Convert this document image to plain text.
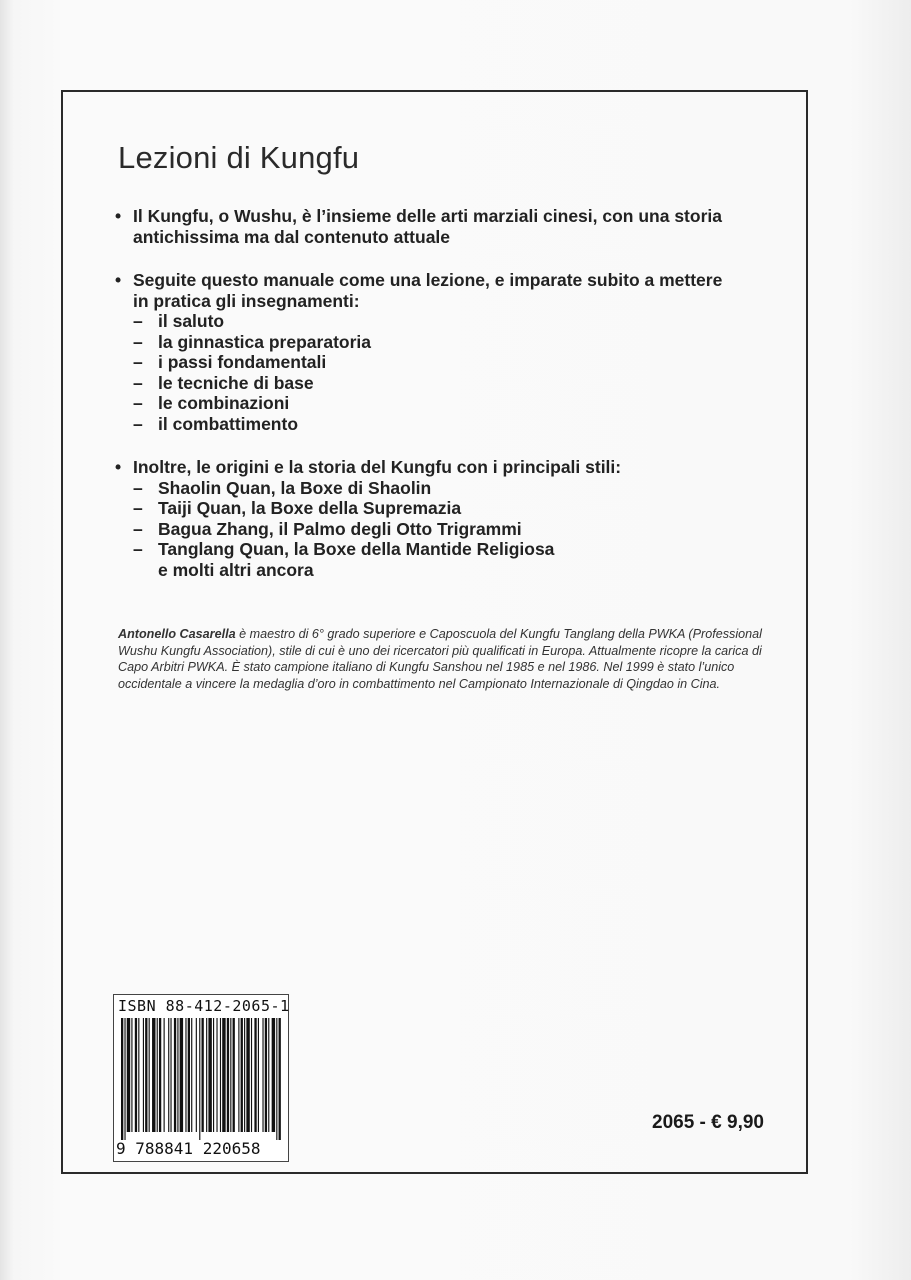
Lezioni di Kungfu
• Il Kungfu, o Wushu, è l’insieme delle arti marziali cinesi, con una storia
antichissima ma dal contenuto attuale
• Seguite questo manuale come una lezione, e imparate subito a mettere
in pratica gli insegnamenti:
– il saluto
– la ginnastica preparatoria
– i passi fondamentali
– le tecniche di base
– le combinazioni
– il combattimento
• Inoltre, le origini e la storia del Kungfu con i principali stili:
– Shaolin Quan, la Boxe di Shaolin
– Taiji Quan, la Boxe della Supremazia
– Bagua Zhang, il Palmo degli Otto Trigrammi
– Tanglang Quan, la Boxe della Mantide Religiosa
e molti altri ancora

Antonello Casarella è maestro di 6° grado superiore e Caposcuola del Kungfu Tanglang della PWKA (Professional Wushu Kungfu Association), stile di cui è uno dei ricercatori più qualificati in Europa. Attualmente ricopre la carica di Capo Arbitri PWKA. È stato campione italiano di Kungfu Sanshou nel 1985 e nel 1986. Nel 1999 è stato l’unico occidentale a vincere la medaglia d’oro in combattimento nel Campionato Internazionale di Qingdao in Cina.

ISBN 88-412-2065-1
9 788841 220658
2065 - € 9,90
